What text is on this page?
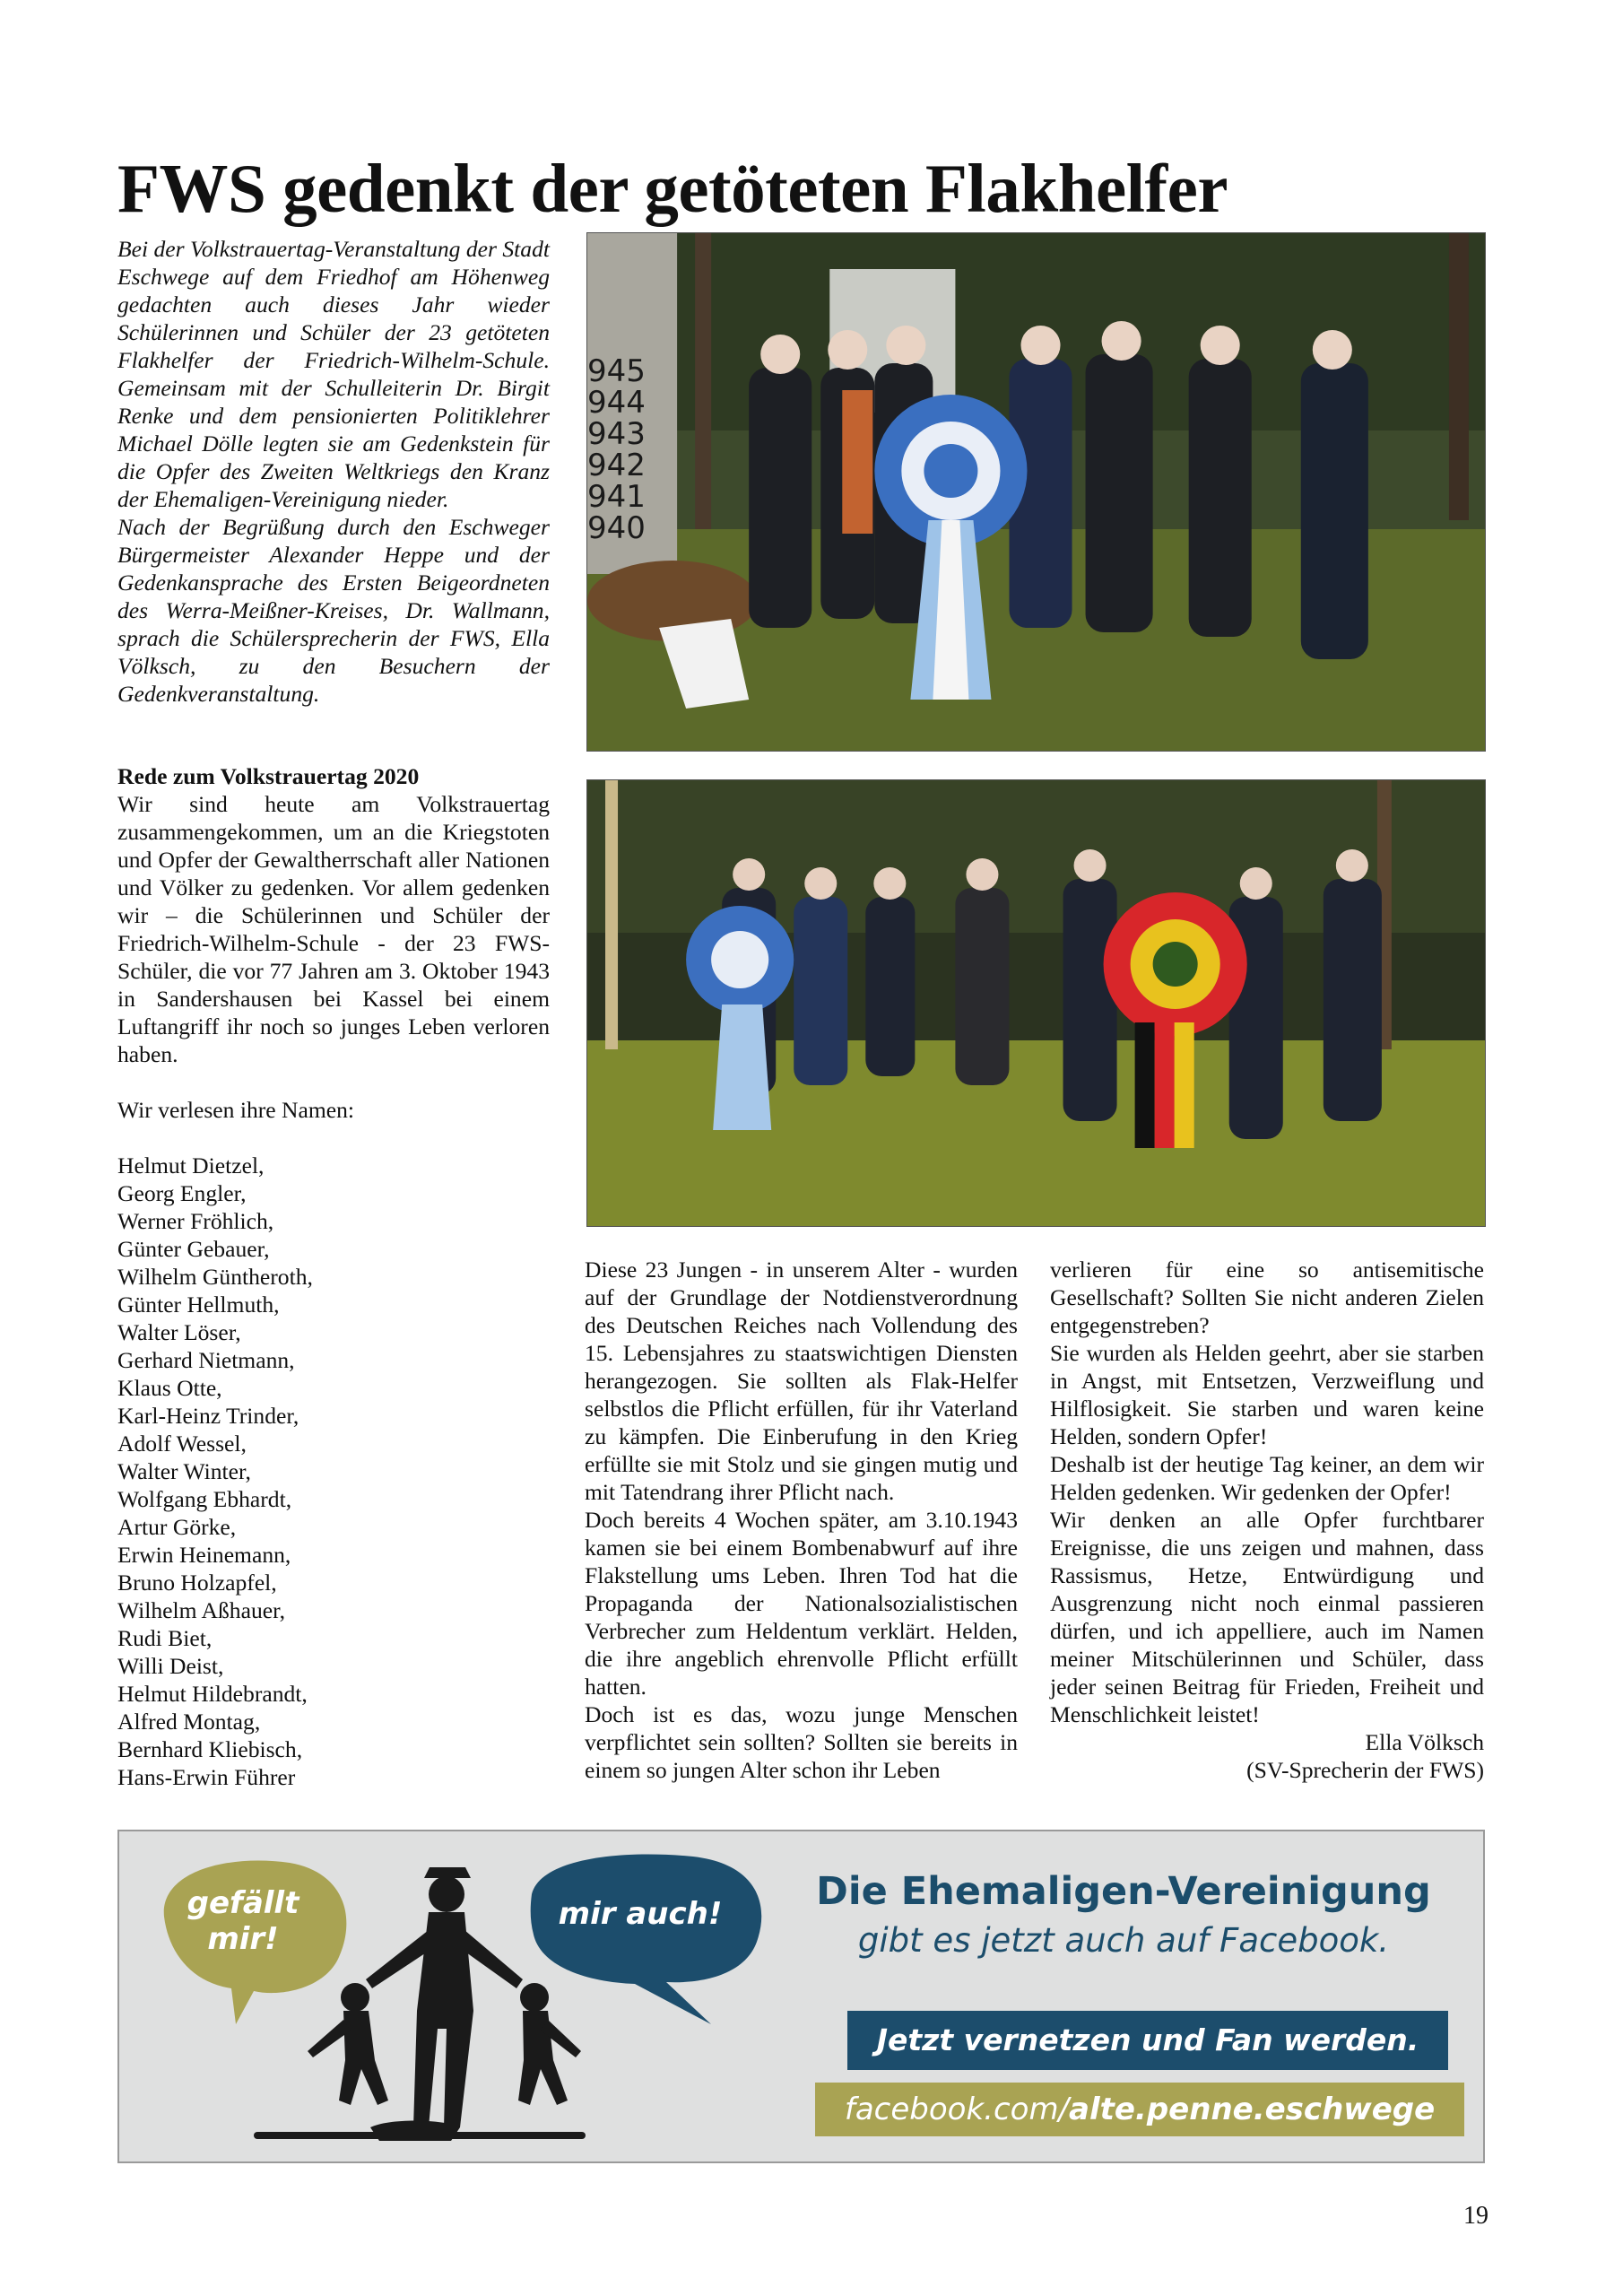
FWS gedenkt der getöteten Flakhelfer

Bei der Volkstrauertag-Veranstaltung der Stadt Eschwege auf dem Friedhof am Höhenweg gedachten auch dieses Jahr wieder Schülerinnen und Schüler der 23 getöteten Flakhelfer der Friedrich-Wilhelm-Schule. Gemeinsam mit der Schulleiterin Dr. Birgit Renke und dem pensionierten Politiklehrer Michael Dölle legten sie am Gedenkstein für die Opfer des Zweiten Weltkriegs den Kranz der Ehemaligen-Vereinigung nieder.

Nach der Begrüßung durch den Eschweger Bürgermeister Alexander Heppe und der Gedenkansprache des Ersten Beigeordneten des Werra-Meißner-Kreises, Dr. Wallmann, sprach die Schülersprecherin der FWS, Ella Völksch, zu den Besuchern der Gedenkveranstaltung.

945
944
943
942
941
940

Rede zum Volkstrauertag 2020

Wir sind heute am Volkstrauertag zusammengekommen, um an die Kriegstoten und Opfer der Gewaltherrschaft aller Nationen und Völker zu gedenken. Vor allem gedenken wir – die Schülerinnen und Schüler der Friedrich-Wilhelm-Schule - der 23 FWS-Schüler, die vor 77 Jahren am 3. Oktober 1943 in Sandershausen bei Kassel bei einem Luftangriff ihr noch so junges Leben verloren haben.

Wir verlesen ihre Namen:

Helmut Dietzel,
Georg Engler,
Werner Fröhlich,
Günter Gebauer,
Wilhelm Güntheroth,
Günter Hellmuth,
Walter Löser,
Gerhard Nietmann,
Klaus Otte,
Karl-Heinz Trinder,
Adolf Wessel,
Walter Winter,
Wolfgang Ebhardt,
Artur Görke,
Erwin Heinemann,
Bruno Holzapfel,
Wilhelm Aßhauer,
Rudi Biet,
Willi Deist,
Helmut Hildebrandt,
Alfred Montag,
Bernhard Kliebisch,
Hans-Erwin Führer

Diese 23 Jungen - in unserem Alter - wurden auf der Grundlage der Notdienstverordnung des Deutschen Reiches nach Vollendung des 15. Lebensjahres zu staatswichtigen Diensten herangezogen. Sie sollten als Flak-Helfer selbstlos die Pflicht erfüllen, für ihr Vaterland zu kämpfen. Die Einberufung in den Krieg erfüllte sie mit Stolz und sie gingen mutig und mit Tatendrang ihrer Pflicht nach.

Doch bereits 4 Wochen später, am 3.10.1943 kamen sie bei einem Bombenabwurf auf ihre Flakstellung ums Leben. Ihren Tod hat die Propaganda der Nationalsozialistischen Verbrecher zum Heldentum verklärt. Helden, die ihre angeblich ehrenvolle Pflicht erfüllt hatten.

Doch ist es das, wozu junge Menschen verpflichtet sein sollten? Sollten sie bereits in einem so jungen Alter schon ihr Leben

verlieren für eine so antisemitische Gesellschaft? Sollten Sie nicht anderen Zielen entgegenstreben?

Sie wurden als Helden geehrt, aber sie starben in Angst, mit Entsetzen, Verzweiflung und Hilflosigkeit. Sie starben und waren keine Helden, sondern Opfer!

Deshalb ist der heutige Tag keiner, an dem wir Helden gedenken. Wir gedenken der Opfer!

Wir denken an alle Opfer furchtbarer Ereignisse, die uns zeigen und mahnen, dass Rassismus, Hetze, Entwürdigung und Ausgrenzung nicht noch einmal passieren dürfen, und ich appelliere, auch im Namen meiner Mitschülerinnen und Schüler, dass jeder seinen Beitrag für Frieden, Freiheit und Menschlichkeit leistet!

Ella Völksch

(SV-Sprecherin der FWS)

gefällt mir!
mir auch!	Die Ehemaligen-Vereinigung
gibt es jetzt auch auf Facebook.
Jetzt vernetzen und Fan werden.
facebook.com/alte.penne.eschwege
19
